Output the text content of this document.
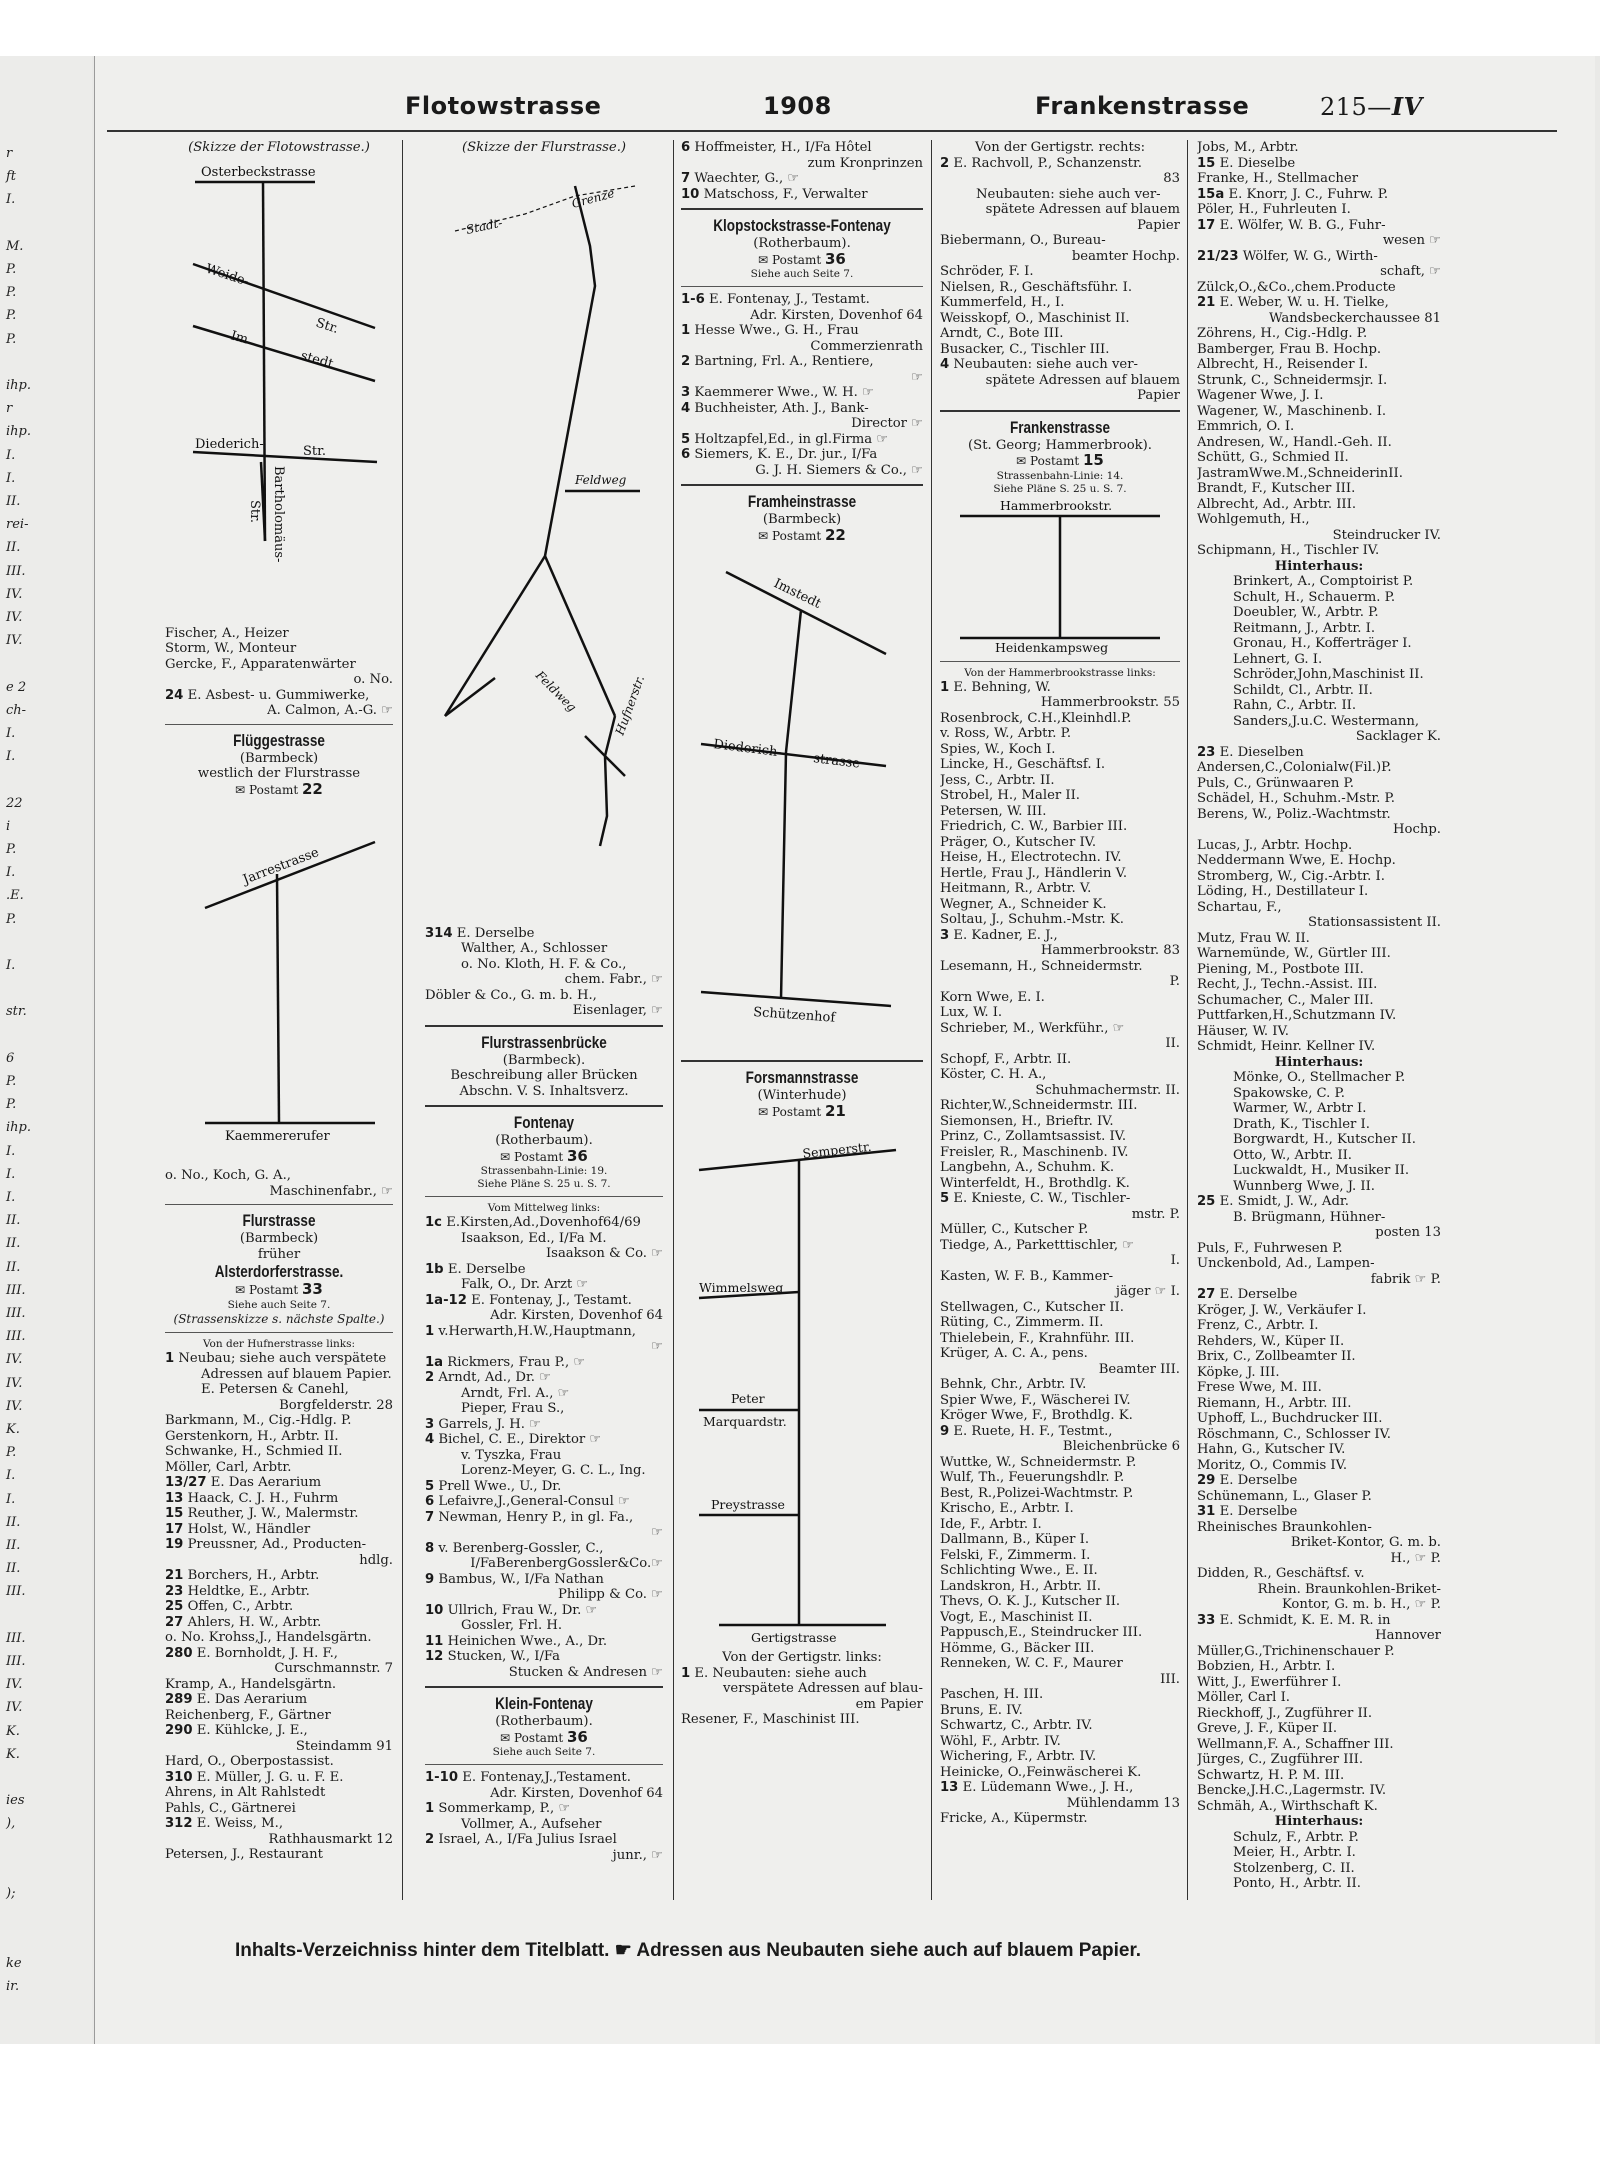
r
ft
I.
M.
P.
P.
P.
P.
ihp.
r
ihp.
I.
I.
II.
rei-
II.
III.
IV.
IV.
IV.
e 2
ch-
I.
I.
22
i
P.
I.
.E.
P.
I.
str.
6
P.
P.
ihp.
I.
I.
I.
II.
II.
II.
III.
III.
III.
IV.
IV.
IV.
K.
P.
I.
I.
II.
II.
II.
III.
III.
III.
IV.
IV.
K.
K.
ies
),
);
ke
ir.
Flotowstrasse	1908	Frankenstrasse	215—IV
(Skizze der Flotowstrasse.)
Osterbeckstrasse
Weide-
Str.
Im
stedt
Diederich-	Str.
Bartholomäus-
Str.
Fischer, A., Heizer
Storm, W., Monteur
Gercke, F., Apparatenwärter
o. No.
24 E. Asbest- u. Gummiwerke,
A. Calmon, A.-G. ☞
Flüggestrasse
(Barmbeck)
westlich der Flurstrasse
✉ Postamt 22
Jarrestrasse
Kaemmererufer
o. No., Koch, G. A.,
Maschinenfabr., ☞
Flurstrasse
(Barmbeck)
früher
Alsterdorferstrasse.
✉ Postamt 33
Siehe auch Seite 7.
(Strassenskizze s. nächste Spalte.)
Von der Hufnerstrasse links:
1 Neubau; siehe auch verspätete
Adressen auf blauem Papier.
E. Petersen & Canehl,
Borgfelderstr. 28
Barkmann, M., Cig.-Hdlg. P.
Gerstenkorn, H., Arbtr. II.
Schwanke, H., Schmied II.
Möller, Carl, Arbtr.
13/27 E. Das Aerarium
13 Haack, C. J. H., Fuhrm
15 Reuther, J. W., Malermstr.
17 Holst, W., Händler
19 Preussner, Ad., Producten-
hdlg.
21 Borchers, H., Arbtr.
23 Heldtke, E., Arbtr.
25 Offen, C., Arbtr.
27 Ahlers, H. W., Arbtr.
o. No. Krohss,J., Handelsgärtn.
280 E. Bornholdt, J. H. F.,
Curschmannstr. 7
Kramp, A., Handelsgärtn.
289 E. Das Aerarium
Reichenberg, F., Gärtner
290 E. Kühlcke, J. E.,
Steindamm 91
Hard, O., Oberpostassist.
310 E. Müller, J. G. u. F. E.
Ahrens, in Alt Rahlstedt
Pahls, C., Gärtnerei
312 E. Weiss, M.,
Rathhausmarkt 12
Petersen, J., Restaurant
(Skizze der Flurstrasse.)
Stadt-
Grenze
Feldweg
Feldweg	Hufnerstr.
314 E. Derselbe
Walther, A., Schlosser
o. No. Kloth, H. F. & Co.,
chem. Fabr., ☞
Döbler & Co., G. m. b. H.,
Eisenlager, ☞
Flurstrassenbrücke
(Barmbeck).
Beschreibung aller Brücken
Abschn. V. S. Inhaltsverz.
Fontenay
(Rotherbaum).
✉ Postamt 36
Strassenbahn-Linie: 19.
Siehe Pläne S. 25 u. S. 7.
Vom Mittelweg links:
1c E.Kirsten,Ad.,Dovenhof64/69
Isaakson, Ed., I/Fa M.
Isaakson & Co. ☞
1b E. Derselbe
Falk, O., Dr. Arzt ☞
1a-12 E. Fontenay, J., Testamt.
Adr. Kirsten, Dovenhof 64
1 v.Herwarth,H.W.,Hauptmann,
☞
1a Rickmers, Frau P., ☞
2 Arndt, Ad., Dr. ☞
Arndt, Frl. A., ☞
Pieper, Frau S.,
3 Garrels, J. H. ☞
4 Bichel, C. E., Direktor ☞
v. Tyszka, Frau
Lorenz-Meyer, G. C. L., Ing.
5 Prell Wwe., U., Dr.
6 Lefaivre,J.,General-Consul ☞
7 Newman, Henry P., in gl. Fa.,
☞
8 v. Berenberg-Gossler, C.,
I/FaBerenbergGossler&Co.☞
9 Bambus, W., I/Fa Nathan
Philipp & Co. ☞
10 Ullrich, Frau W., Dr. ☞
Gossler, Frl. H.
11 Heinichen Wwe., A., Dr.
12 Stucken, W., I/Fa
Stucken & Andresen ☞
Klein-Fontenay
(Rotherbaum).
✉ Postamt 36
Siehe auch Seite 7.
1-10 E. Fontenay,J.,Testament.
Adr. Kirsten, Dovenhof 64
1 Sommerkamp, P., ☞
Vollmer, A., Aufseher
2 Israel, A., I/Fa Julius Israel
junr., ☞
6 Hoffmeister, H., I/Fa Hôtel
zum Kronprinzen
7 Waechter, G., ☞
10 Matschoss, F., Verwalter
Klopstockstrasse-Fontenay
(Rotherbaum).
✉ Postamt 36
Siehe auch Seite 7.
1-6 E. Fontenay, J., Testamt.
Adr. Kirsten, Dovenhof 64
1 Hesse Wwe., G. H., Frau
Commerzienrath
2 Bartning, Frl. A., Rentiere,
☞
3 Kaemmerer Wwe., W. H. ☞
4 Buchheister, Ath. J., Bank-
Director ☞
5 Holtzapfel,Ed., in gl.Firma ☞
6 Siemers, K. E., Dr. jur., I/Fa
G. J. H. Siemers & Co., ☞
Framheinstrasse
(Barmbeck)
✉ Postamt 22
Imstedt
Diederich-
strasse
Schützenhof
Forsmannstrasse
(Winterhude)
✉ Postamt 21
Semperstr.
Wimmelsweg
Peter
Marquardstr.
Preystrasse
Gertigstrasse
Von der Gertigstr. links:
1 E. Neubauten: siehe auch
verspätete Adressen auf blau-
em Papier
Resener, F., Maschinist III.
Von der Gertigstr. rechts:
2 E. Rachvoll, P., Schanzenstr.
83
Neubauten: siehe auch ver-
spätete Adressen auf blauem
Papier
Biebermann, O., Bureau-
beamter Hochp.
Schröder, F. I.
Nielsen, R., Geschäftsführ. I.
Kummerfeld, H., I.
Weisskopf, O., Maschinist II.
Arndt, C., Bote III.
Busacker, C., Tischler III.
4 Neubauten: siehe auch ver-
spätete Adressen auf blauem
Papier
Frankenstrasse
(St. Georg; Hammerbrook).
✉ Postamt 15
Strassenbahn-Linie: 14.
Siehe Pläne S. 25 u. S. 7.
Hammerbrookstr.
Heidenkampsweg
Von der Hammerbrookstrasse links:
1 E. Behning, W.
Hammerbrookstr. 55
Rosenbrock, C.H.,Kleinhdl.P.
v. Ross, W., Arbtr. P.
Spies, W., Koch I.
Lincke, H., Geschäftsf. I.
Jess, C., Arbtr. II.
Strobel, H., Maler II.
Petersen, W. III.
Friedrich, C. W., Barbier III.
Präger, O., Kutscher IV.
Heise, H., Electrotechn. IV.
Hertle, Frau J., Händlerin V.
Heitmann, R., Arbtr. V.
Wegner, A., Schneider K.
Soltau, J., Schuhm.-Mstr. K.
3 E. Kadner, E. J.,
Hammerbrookstr. 83
Lesemann, H., Schneidermstr.
P.
Korn Wwe, E. I.
Lux, W. I.
Schrieber, M., Werkführ., ☞
II.
Schopf, F., Arbtr. II.
Köster, C. H. A.,
Schuhmachermstr. II.
Richter,W.,Schneidermstr. III.
Siemonsen, H., Brieftr. IV.
Prinz, C., Zollamtsassist. IV.
Freisler, R., Maschinenb. IV.
Langbehn, A., Schuhm. K.
Winterfeldt, H., Brothdlg. K.
5 E. Knieste, C. W., Tischler-
mstr. P.
Müller, C., Kutscher P.
Tiedge, A., Parketttischler, ☞
I.
Kasten, W. F. B., Kammer-
jäger ☞ I.
Stellwagen, C., Kutscher II.
Rüting, C., Zimmerm. II.
Thielebein, F., Krahnführ. III.
Krüger, A. C. A., pens.
Beamter III.
Behnk, Chr., Arbtr. IV.
Spier Wwe, F., Wäscherei IV.
Kröger Wwe, F., Brothdlg. K.
9 E. Ruete, H. F., Testmt.,
Bleichenbrücke 6
Wuttke, W., Schneidermstr. P.
Wulf, Th., Feuerungshdlr. P.
Best, R.,Polizei-Wachtmstr. P.
Krischo, E., Arbtr. I.
Ide, F., Arbtr. I.
Dallmann, B., Küper I.
Felski, F., Zimmerm. I.
Schlichting Wwe., E. II.
Landskron, H., Arbtr. II.
Thevs, O. K. J., Kutscher II.
Vogt, E., Maschinist II.
Pappusch,E., Steindrucker III.
Hömme, G., Bäcker III.
Renneken, W. C. F., Maurer
III.
Paschen, H. III.
Bruns, E. IV.
Schwartz, C., Arbtr. IV.
Wöhl, F., Arbtr. IV.
Wichering, F., Arbtr. IV.
Heinicke, O.,Feinwäscherei K.
13 E. Lüdemann Wwe., J. H.,
Mühlendamm 13
Fricke, A., Küpermstr.
Jobs, M., Arbtr.
15 E. Dieselbe
Franke, H., Stellmacher
15a E. Knorr, J. C., Fuhrw. P.
Pöler, H., Fuhrleuten I.
17 E. Wölfer, W. B. G., Fuhr-
wesen ☞
21/23 Wölfer, W. G., Wirth-
schaft, ☞
Zülck,O.,&Co.,chem.Producte
21 E. Weber, W. u. H. Tielke,
Wandsbeckerchaussee 81
Zöhrens, H., Cig.-Hdlg. P.
Bamberger, Frau B. Hochp.
Albrecht, H., Reisender I.
Strunk, C., Schneidermsjr. I.
Wagener Wwe, J. I.
Wagener, W., Maschinenb. I.
Emmrich, O. I.
Andresen, W., Handl.-Geh. II.
Schütt, G., Schmied II.
JastramWwe.M.,SchneiderinII.
Brandt, F., Kutscher III.
Albrecht, Ad., Arbtr. III.
Wohlgemuth, H.,
Steindrucker IV.
Schipmann, H., Tischler IV.
Hinterhaus:
Brinkert, A., Comptoirist P.
Schult, H., Schauerm. P.
Doeubler, W., Arbtr. P.
Reitmann, J., Arbtr. I.
Gronau, H., Kofferträger I.
Lehnert, G. I.
Schröder,John,Maschinist II.
Schildt, Cl., Arbtr. II.
Rahn, C., Arbtr. II.
Sanders,J.u.C. Westermann,
Sacklager K.
23 E. Dieselben
Andersen,C.,Colonialw(Fil.)P.
Puls, C., Grünwaaren P.
Schädel, H., Schuhm.-Mstr. P.
Berens, W., Poliz.-Wachtmstr.
Hochp.
Lucas, J., Arbtr. Hochp.
Neddermann Wwe, E. Hochp.
Stromberg, W., Cig.-Arbtr. I.
Löding, H., Destillateur I.
Schartau, F.,
Stationsassistent II.
Mutz, Frau W. II.
Warnemünde, W., Gürtler III.
Piening, M., Postbote III.
Recht, J., Techn.-Assist. III.
Schumacher, C., Maler III.
Puttfarken,H.,Schutzmann IV.
Häuser, W. IV.
Schmidt, Heinr. Kellner IV.
Hinterhaus:
Mönke, O., Stellmacher P.
Spakowske, C. P.
Warmer, W., Arbtr I.
Drath, K., Tischler I.
Borgwardt, H., Kutscher II.
Otto, W., Arbtr. II.
Luckwaldt, H., Musiker II.
Wunnberg Wwe, J. II.
25 E. Smidt, J. W., Adr.
B. Brügmann, Hühner-
posten 13
Puls, F., Fuhrwesen P.
Unckenbold, Ad., Lampen-
fabrik ☞ P.
27 E. Derselbe
Kröger, J. W., Verkäufer I.
Frenz, C., Arbtr. I.
Rehders, W., Küper II.
Brix, C., Zollbeamter II.
Köpke, J. III.
Frese Wwe, M. III.
Riemann, H., Arbtr. III.
Uphoff, L., Buchdrucker III.
Röschmann, C., Schlosser IV.
Hahn, G., Kutscher IV.
Moritz, O., Commis IV.
29 E. Derselbe
Schünemann, L., Glaser P.
31 E. Derselbe
Rheinisches Braunkohlen-
Briket-Kontor, G. m. b.
H., ☞ P.
Didden, R., Geschäftsf. v.
Rhein. Braunkohlen-Briket-
Kontor, G. m. b. H., ☞ P.
33 E. Schmidt, K. E. M. R. in
Hannover
Müller,G.,Trichinenschauer P.
Bobzien, H., Arbtr. I.
Witt, J., Ewerführer I.
Möller, Carl I.
Rieckhoff, J., Zugführer II.
Greve, J. F., Küper II.
Wellmann,F. A., Schaffner III.
Jürges, C., Zugführer III.
Schwartz, H. P. M. III.
Bencke,J.H.C.,Lagermstr. IV.
Schmäh, A., Wirthschaft K.
Hinterhaus:
Schulz, F., Arbtr. P.
Meier, H., Arbtr. I.
Stolzenberg, C. II.
Ponto, H., Arbtr. II.
Inhalts-Verzeichniss hinter dem Titelblatt. ☛ Adressen aus Neubauten siehe auch auf blauem Papier.
